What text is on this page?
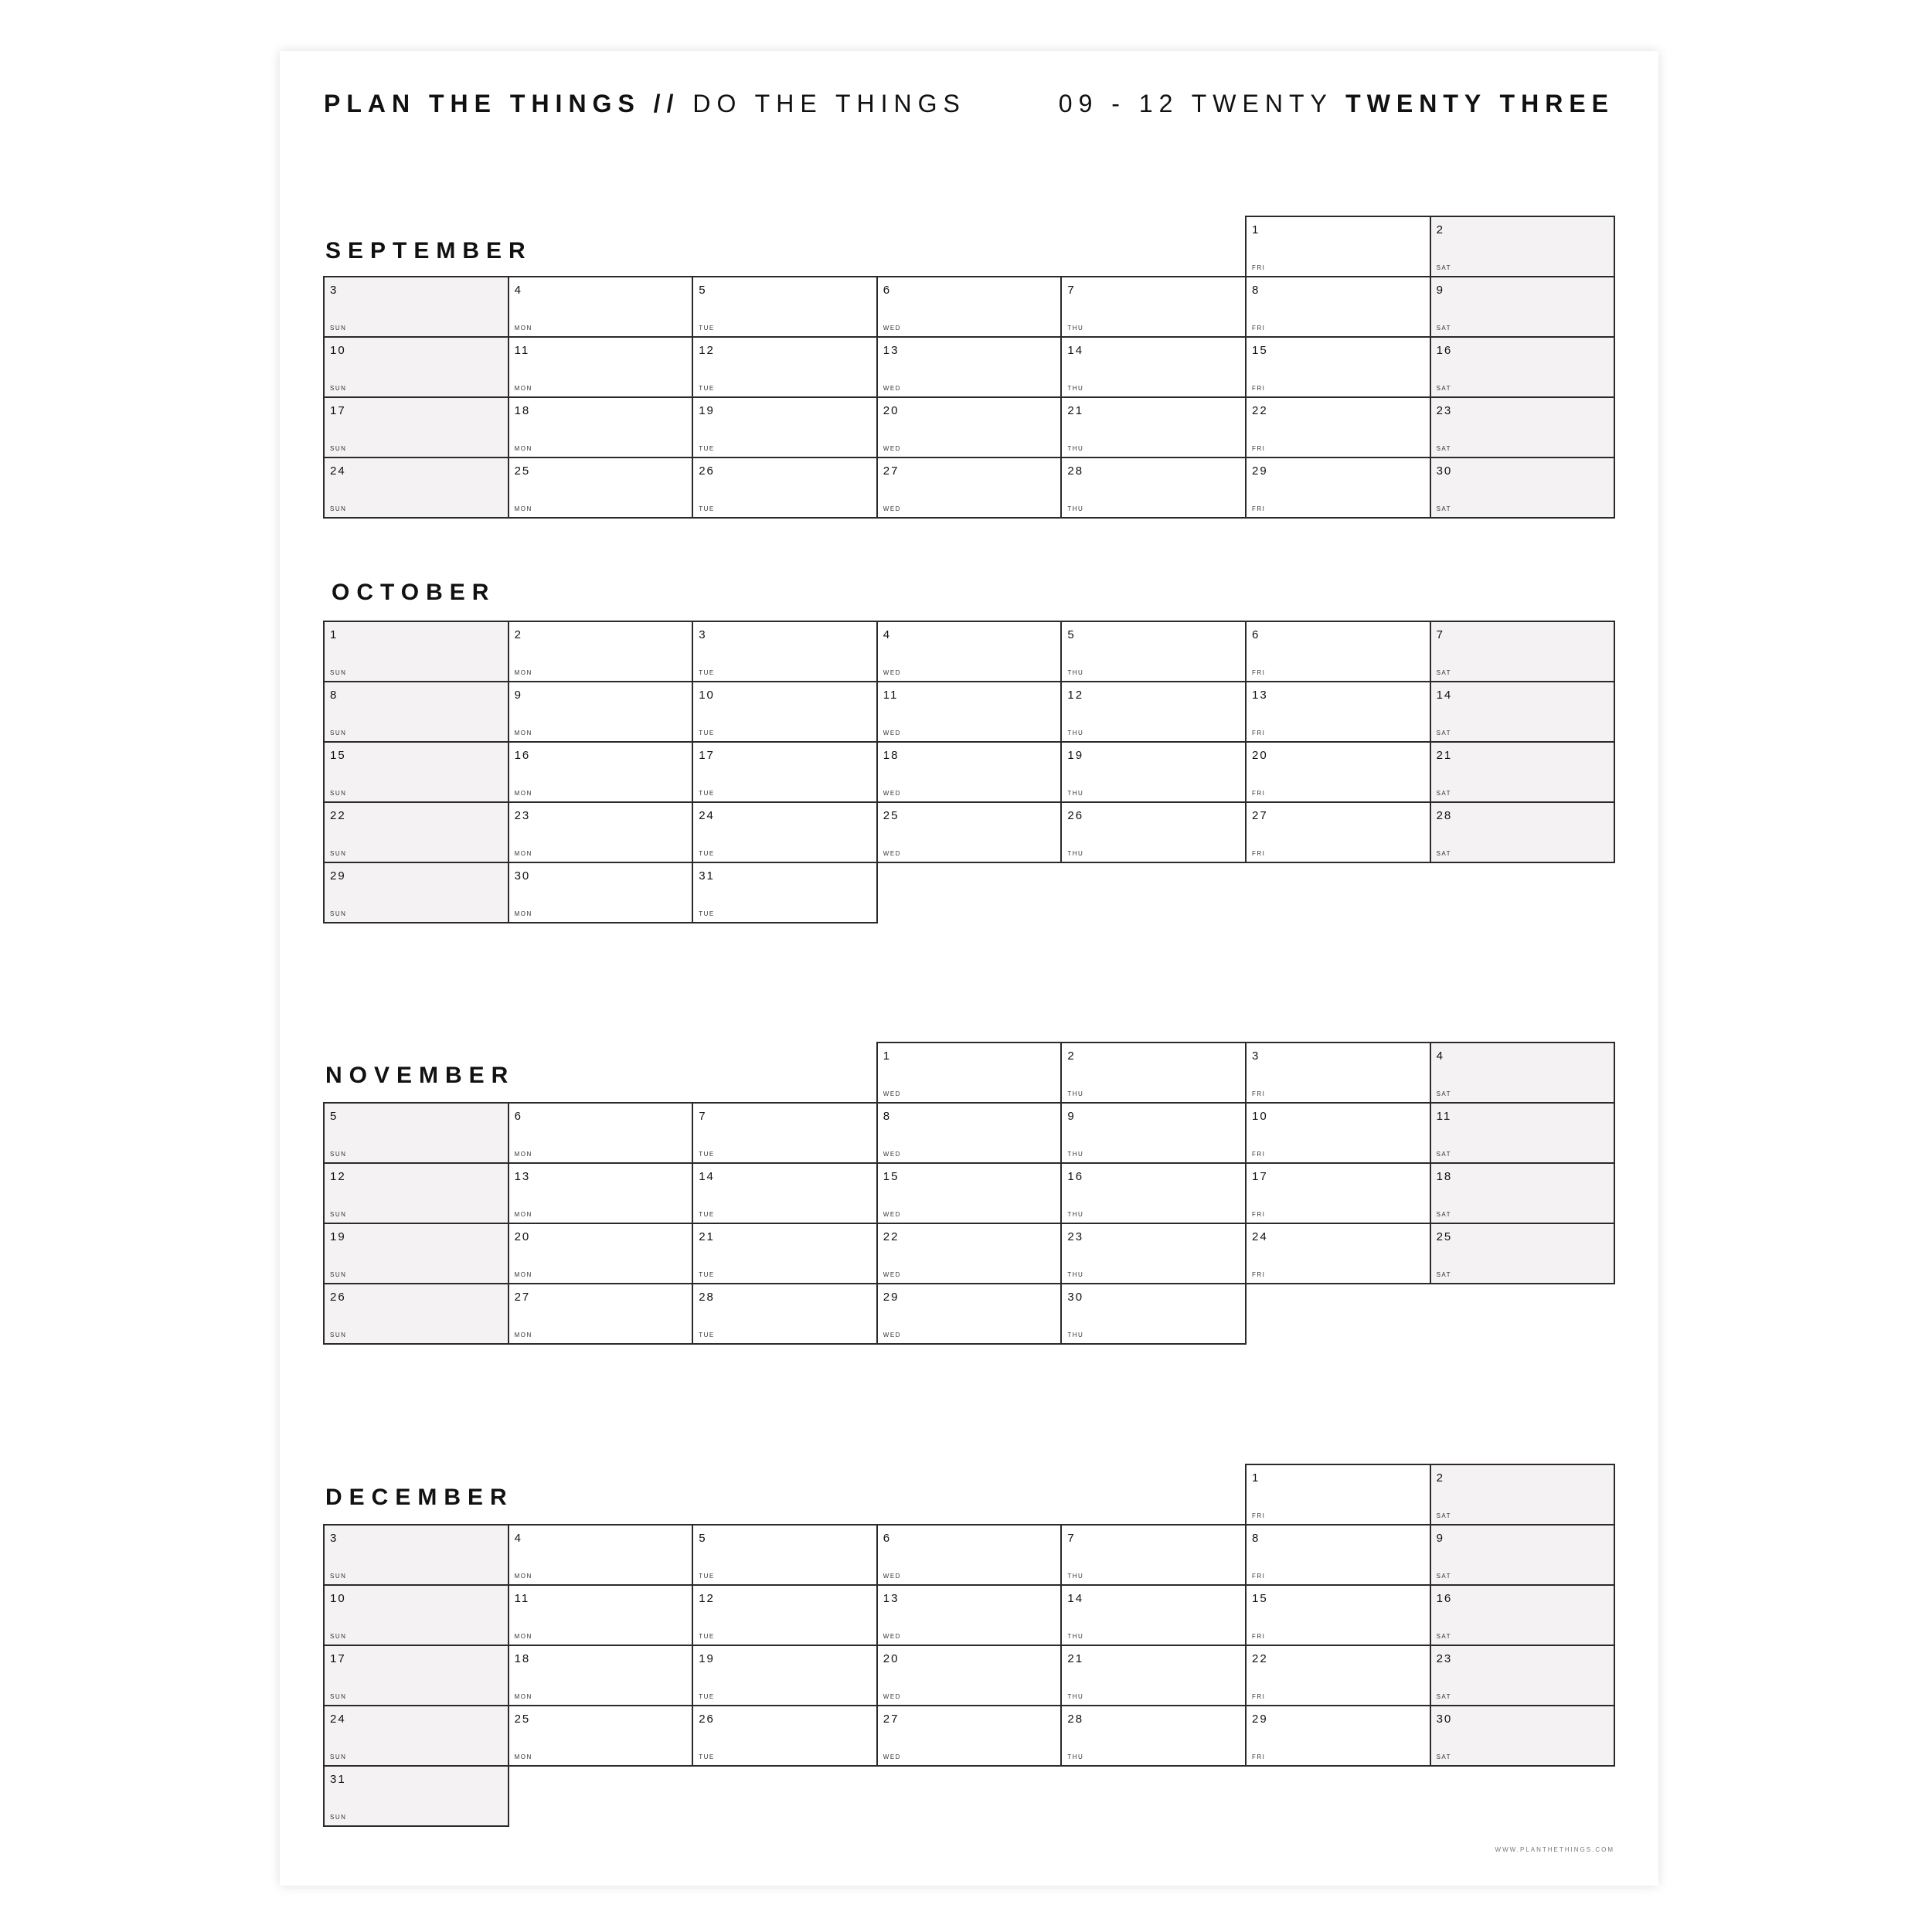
PLAN THE THINGS // DO THE THINGS	09 - 12 TWENTY TWENTY THREE
SEPTEMBER
1
FRI
2
SAT
3
SUN
4
MON
5
TUE
6
WED
7
THU
8
FRI
9
SAT
10
SUN
11
MON
12
TUE
13
WED
14
THU
15
FRI
16
SAT
17
SUN
18
MON
19
TUE
20
WED
21
THU
22
FRI
23
SAT
24
SUN
25
MON
26
TUE
27
WED
28
THU
29
FRI
30
SAT
OCTOBER
1
SUN
2
MON
3
TUE
4
WED
5
THU
6
FRI
7
SAT
8
SUN
9
MON
10
TUE
11
WED
12
THU
13
FRI
14
SAT
15
SUN
16
MON
17
TUE
18
WED
19
THU
20
FRI
21
SAT
22
SUN
23
MON
24
TUE
25
WED
26
THU
27
FRI
28
SAT
29
SUN
30
MON
31
TUE
NOVEMBER
1
WED
2
THU
3
FRI
4
SAT
5
SUN
6
MON
7
TUE
8
WED
9
THU
10
FRI
11
SAT
12
SUN
13
MON
14
TUE
15
WED
16
THU
17
FRI
18
SAT
19
SUN
20
MON
21
TUE
22
WED
23
THU
24
FRI
25
SAT
26
SUN
27
MON
28
TUE
29
WED
30
THU
DECEMBER
1
FRI
2
SAT
3
SUN
4
MON
5
TUE
6
WED
7
THU
8
FRI
9
SAT
10
SUN
11
MON
12
TUE
13
WED
14
THU
15
FRI
16
SAT
17
SUN
18
MON
19
TUE
20
WED
21
THU
22
FRI
23
SAT
24
SUN
25
MON
26
TUE
27
WED
28
THU
29
FRI
30
SAT
31
SUN
WWW.PLANTHETHINGS.COM
